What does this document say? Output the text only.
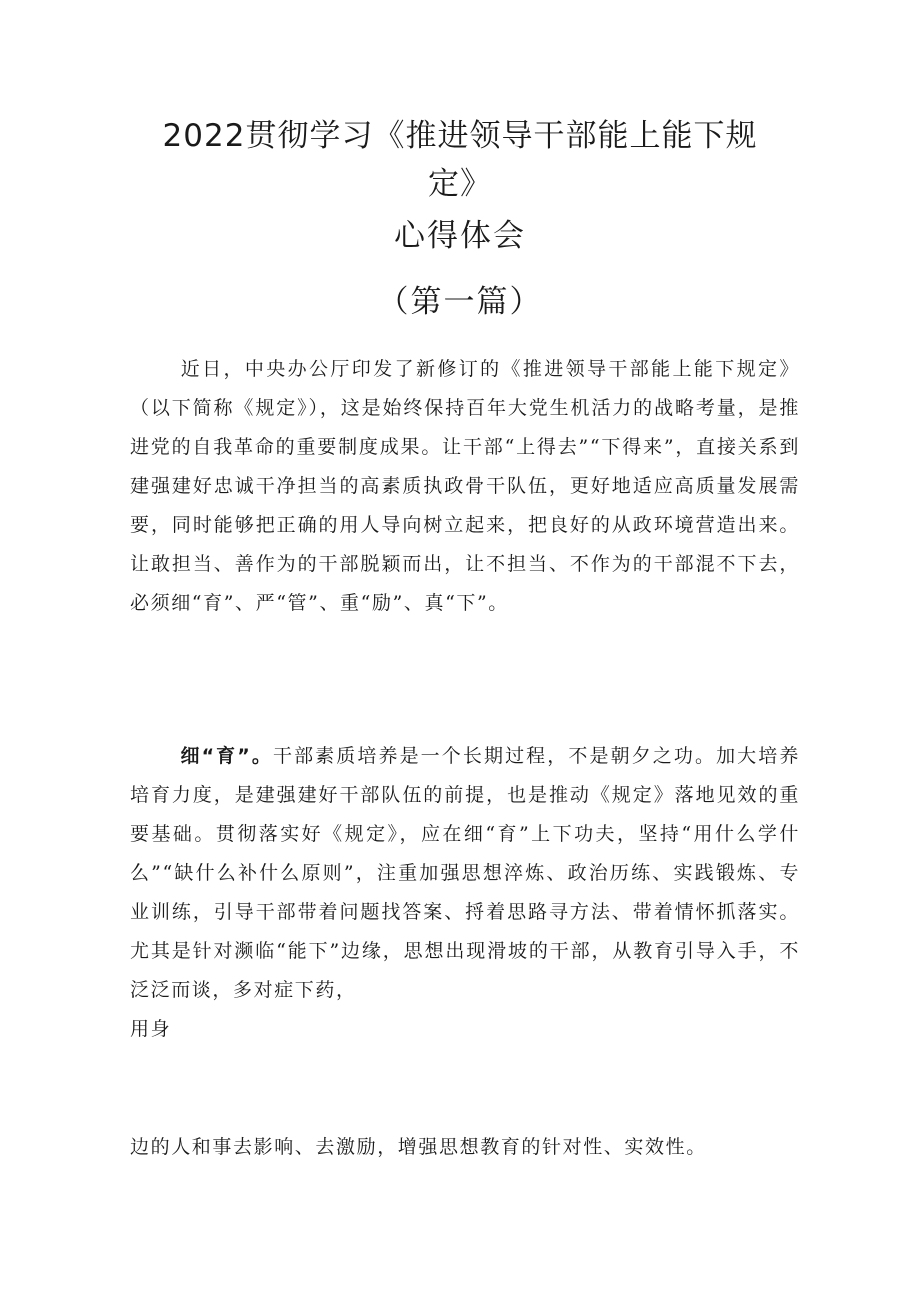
2022贯彻学习《推进领导干部能上能下规
定》
心得体会
（第一篇）
近日，中央办公厅印发了新修订的《推进领导干部能上能下规定》（以下简称《规定》），这是始终保持百年大党生机活力的战略考量，是推进党的自我革命的重要制度成果。让干部“上得去”“下得来”，直接关系到建强建好忠诚干净担当的高素质执政骨干队伍，更好地适应高质量发展需要，同时能够把正确的用人导向树立起来，把良好的从政环境营造出来。让敢担当、善作为的干部脱颖而出，让不担当、不作为的干部混不下去，必须细“育”、严“管”、重“励”、真“下”。
细“育”。干部素质培养是一个长期过程，不是朝夕之功。加大培养培育力度，是建强建好干部队伍的前提，也是推动《规定》落地见效的重要基础。贯彻落实好《规定》，应在细“育”上下功夫，坚持“用什么学什么”“缺什么补什么原则”，注重加强思想淬炼、政治历练、实践锻炼、专业训练，引导干部带着问题找答案、捋着思路寻方法、带着情怀抓落实。尤其是针对濒临“能下”边缘，思想出现滑坡的干部，从教育引导入手，不泛泛而谈，多对症下药，
用身
边的人和事去影响、去激励，增强思想教育的针对性、实效性。
